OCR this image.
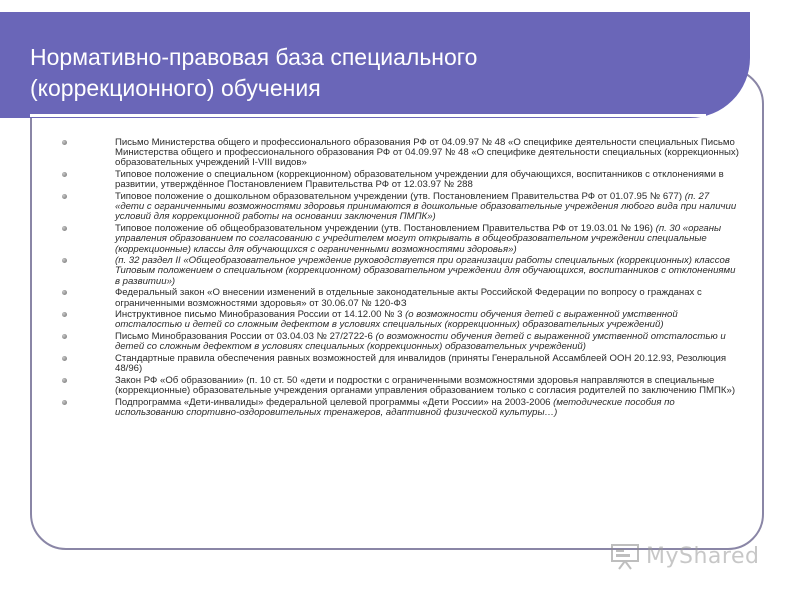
Нормативно-правовая база специального
(коррекционного) обучения
Письмо Министерства общего и профессионального образования РФ от 04.09.97 № 48 «О специфике деятельности специальных Письмо Министерства общего и профессионального образования РФ от 04.09.97 № 48 «О специфике деятельности специальных (коррекционных) образовательных учреждений I-VIII видов»
Типовое положение о специальном (коррекционном) образовательном учреждении для обучающихся, воспитанников с отклонениями в развитии, утверждённое Постановлением Правительства РФ от 12.03.97 № 288
Типовое положение о дошкольном образовательном учреждении (утв. Постановлением Правительства РФ от 01.07.95 № 677) (п. 27 «дети с ограниченными возможностями здоровья принимаются в дошкольные образовательные учреждения любого вида при наличии условий для коррекционной работы на основании заключения ПМПК»)
Типовое положение об общеобразовательном учреждении (утв. Постановлением Правительства РФ от 19.03.01 № 196) (п. 30 «органы управления образованием по согласованию с учредителем могут открывать в общеобразовательном учреждении специальные (коррекционные) классы для обучающихся с ограниченными возможностями здоровья»)
(п. 32 раздел II «Общеобразовательное учреждение руководствуется при организации работы специальных (коррекционных) классов Типовым положением о специальном (коррекционном) образовательном учреждении для обучающихся, воспитанников с отклонениями в развитии»)
Федеральный закон «О внесении изменений в отдельные законодательные акты Российской Федерации по вопросу о гражданах с ограниченными возможностями здоровья» от 30.06.07 № 120-ФЗ
Инструктивное письмо Минобразования России от 14.12.00 № 3 (о возможности обучения детей с выраженной умственной отсталостью и детей со сложным дефектом в условиях специальных (коррекционных) образовательных учреждений)
Письмо Минобразования России от 03.04.03 № 27/2722-6 (о возможности обучения детей с выраженной умственной отсталостью и детей со сложным дефектом в условиях специальных (коррекционных) образовательных учреждений)
Стандартные правила обеспечения равных возможностей для инвалидов (приняты Генеральной Ассамблеей ООН 20.12.93, Резолюция 48/96)
Закон РФ «Об образовании» (п. 10 ст. 50 «дети и подростки с ограниченными возможностями здоровья направляются в специальные (коррекционные) образовательные учреждения органами управления образованием только с согласия родителей по заключению ПМПК»)
Подпрограмма «Дети-инвалиды» федеральной целевой программы «Дети России» на 2003-2006 (методические пособия по использованию спортивно-оздоровительных тренажеров, адаптивной физической культуры…)
MyShared
